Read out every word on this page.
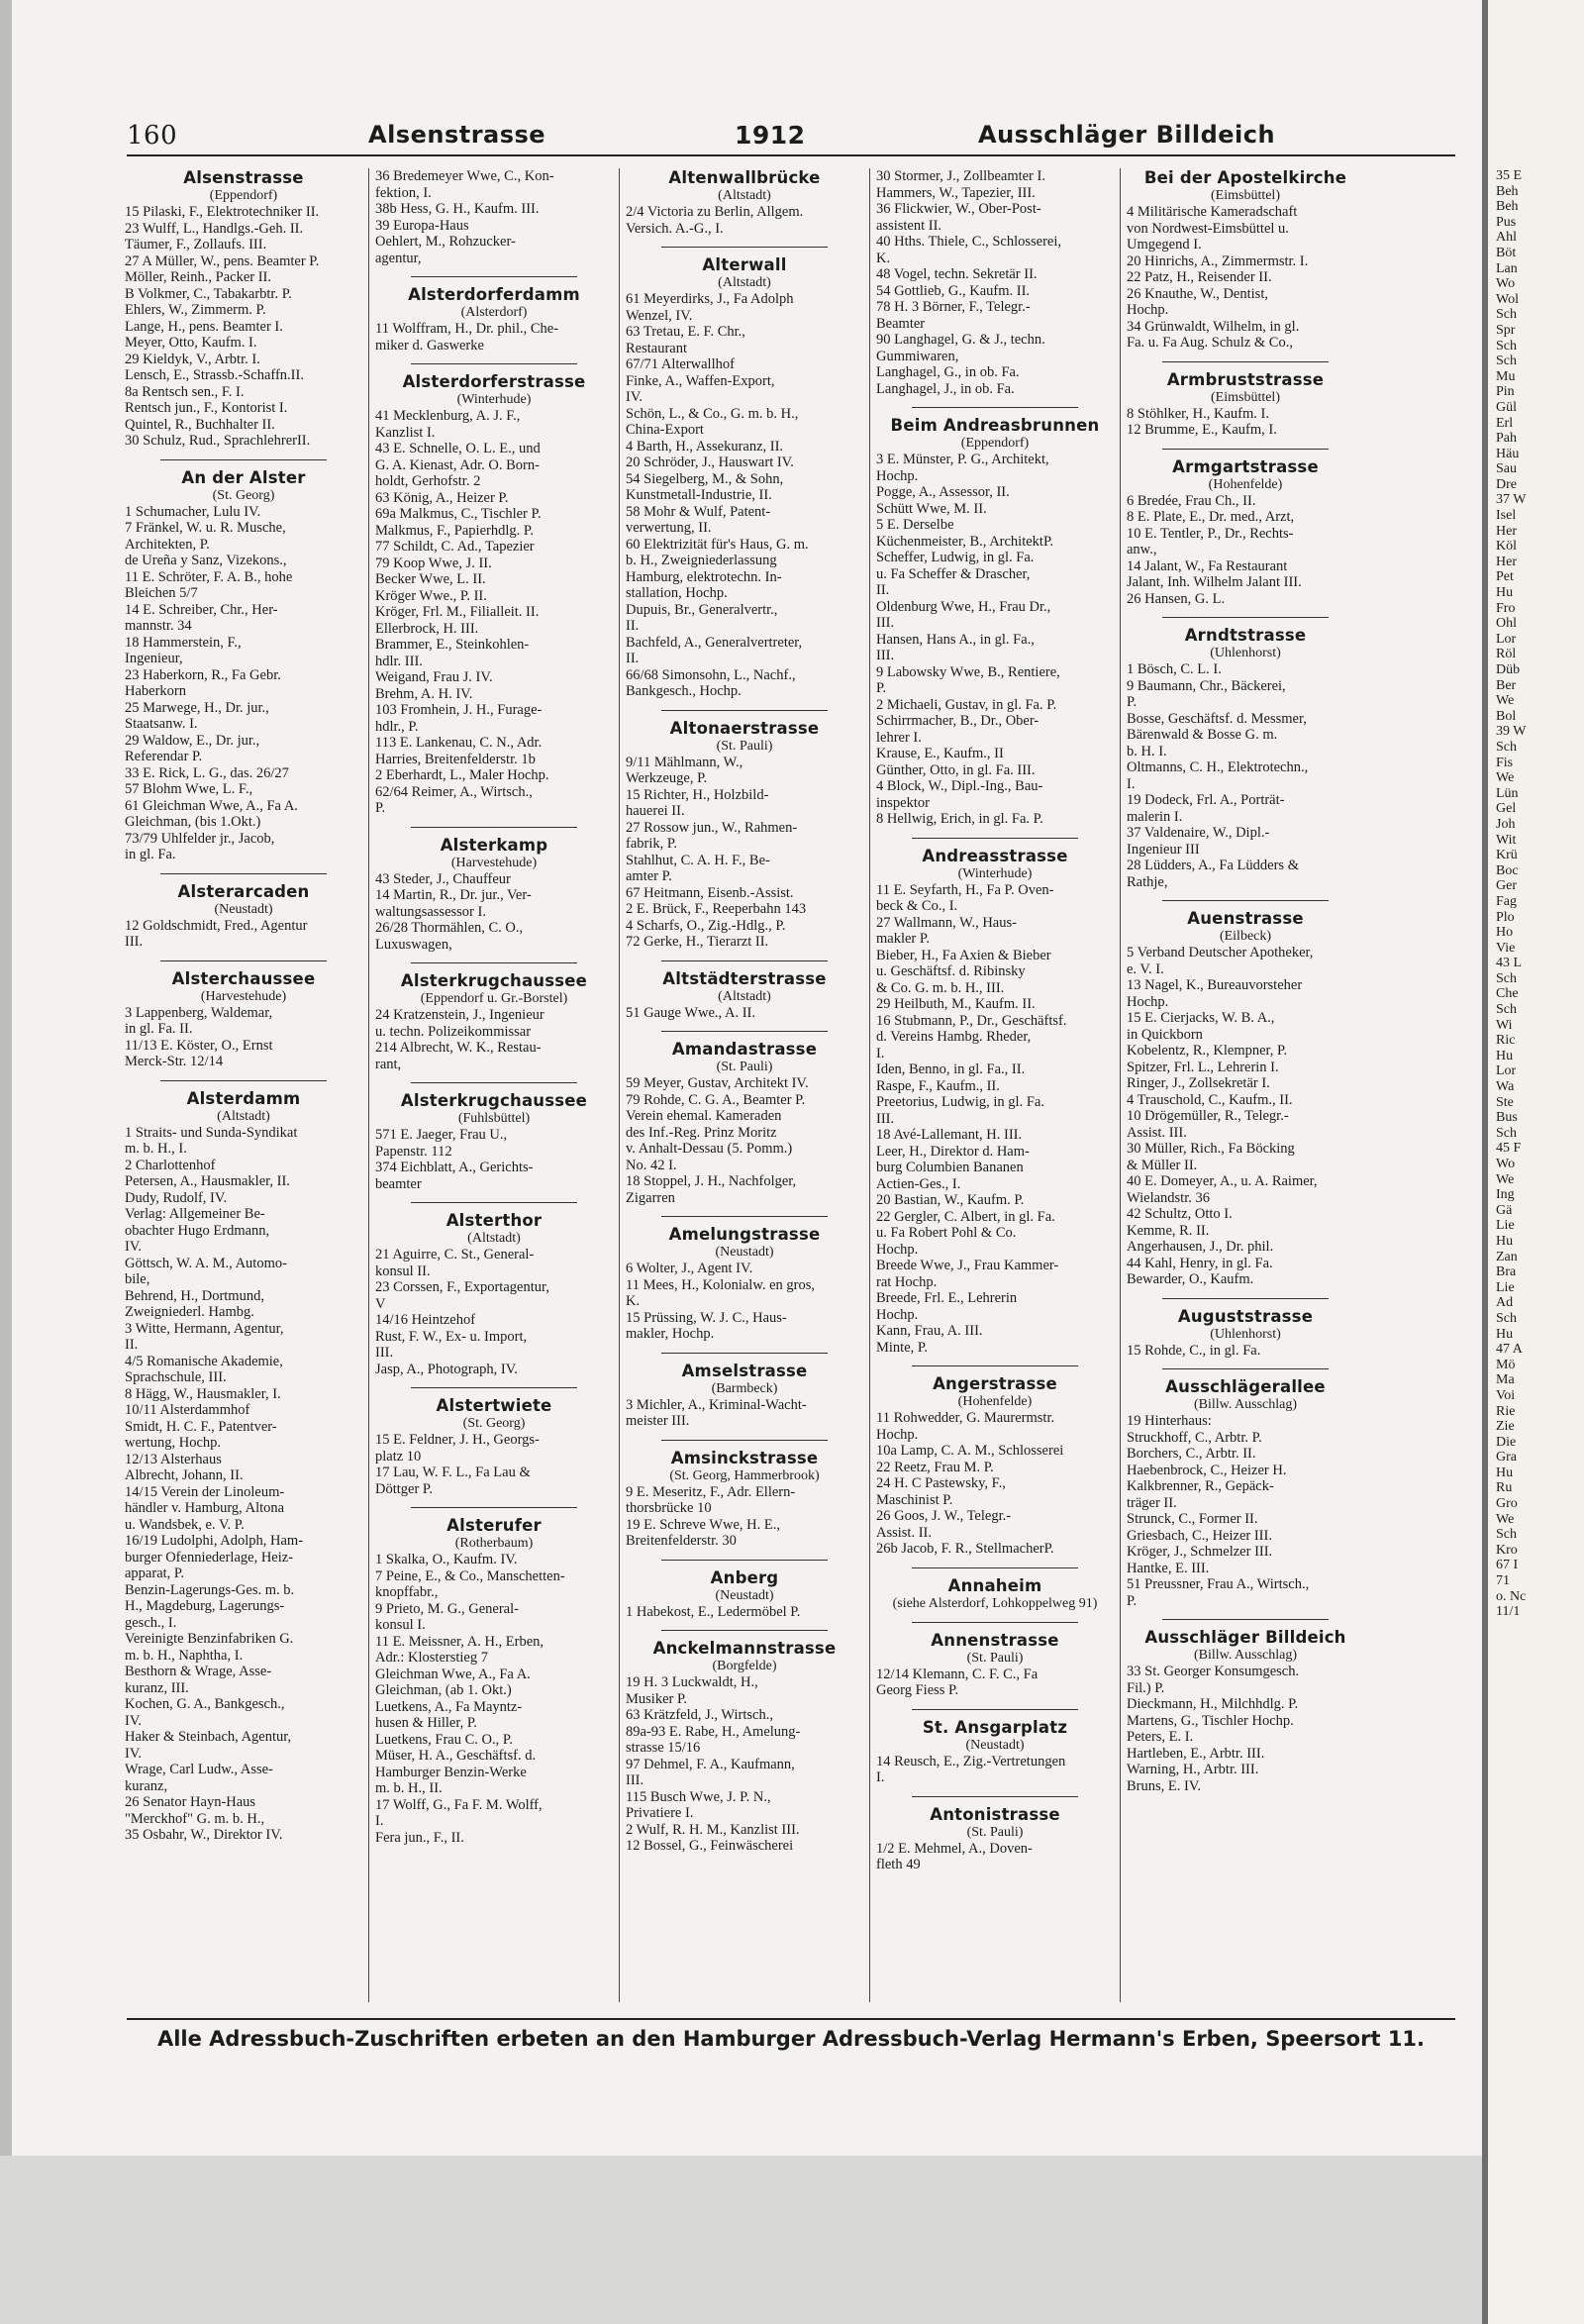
160	Alsenstrasse	1912	Ausschläger Billdeich
Alsenstrasse
(Eppendorf)
15 Pilaski, F., Elektrotechniker II.
23 Wulff, L., Handlgs.-Geh. II.
Täumer, F., Zollaufs. III.
27 A Müller, W., pens. Beamter P.
Möller, Reinh., Packer II.
B Volkmer, C., Tabakarbtr. P.
Ehlers, W., Zimmerm. P.
Lange, H., pens. Beamter I.
Meyer, Otto, Kaufm. I.
29 Kieldyk, V., Arbtr. I.
Lensch, E., Strassb.-Schaffn.II.
8a Rentsch sen., F. I.
Rentsch jun., F., Kontorist I.
Quintel, R., Buchhalter II.
30 Schulz, Rud., SprachlehrerII.
An der Alster
(St. Georg)
1 Schumacher, Lulu IV.
7 Fränkel, W. u. R. Musche,
Architekten, P.
de Ureña y Sanz, Vizekons.,
11 E. Schröter, F. A. B., hohe
Bleichen 5/7
14 E. Schreiber, Chr., Her-
mannstr. 34
18 Hammerstein, F.,
Ingenieur,
23 Haberkorn, R., Fa Gebr.
Haberkorn
25 Marwege, H., Dr. jur.,
Staatsanw. I.
29 Waldow, E., Dr. jur.,
Referendar P.
33 E. Rick, L. G., das. 26/27
57 Blohm Wwe, L. F.,
61 Gleichman Wwe, A., Fa A.
Gleichman, (bis 1.Okt.)
73/79 Uhlfelder jr., Jacob,
in gl. Fa.
Alsterarcaden
(Neustadt)
12 Goldschmidt, Fred., Agentur
III.
Alsterchaussee
(Harvestehude)
3 Lappenberg, Waldemar,
in gl. Fa. II.
11/13 E. Köster, O., Ernst
Merck-Str. 12/14
Alsterdamm
(Altstadt)
1 Straits- und Sunda-Syndikat
m. b. H., I.
2 Charlottenhof
Petersen, A., Hausmakler, II.
Dudy, Rudolf, IV.
Verlag: Allgemeiner Be-
obachter Hugo Erdmann,
IV.
Göttsch, W. A. M., Automo-
bile,
Behrend, H., Dortmund,
Zweigniederl. Hambg.
3 Witte, Hermann, Agentur,
II.
4/5 Romanische Akademie,
Sprachschule, III.
8 Hägg, W., Hausmakler, I.
10/11 Alsterdammhof
Smidt, H. C. F., Patentver-
wertung, Hochp.
12/13 Alsterhaus
Albrecht, Johann, II.
14/15 Verein der Linoleum-
händler v. Hamburg, Altona
u. Wandsbek, e. V. P.
16/19 Ludolphi, Adolph, Ham-
burger Ofenniederlage, Heiz-
apparat, P.
Benzin-Lagerungs-Ges. m. b.
H., Magdeburg, Lagerungs-
gesch., I.
Vereinigte Benzinfabriken G.
m. b. H., Naphtha, I.
Besthorn & Wrage, Asse-
kuranz, III.
Kochen, G. A., Bankgesch.,
IV.
Haker & Steinbach, Agentur,
IV.
Wrage, Carl Ludw., Asse-
kuranz,
26 Senator Hayn-Haus
"Merckhof" G. m. b. H.,
35 Osbahr, W., Direktor IV.
36 Bredemeyer Wwe, C., Kon-
fektion, I.
38b Hess, G. H., Kaufm. III.
39 Europa-Haus
Oehlert, M., Rohzucker-
agentur,
Alsterdorferdamm
(Alsterdorf)
11 Wolffram, H., Dr. phil., Che-
miker d. Gaswerke
Alsterdorferstrasse
(Winterhude)
41 Mecklenburg, A. J. F.,
Kanzlist I.
43 E. Schnelle, O. L. E., und
G. A. Kienast, Adr. O. Born-
holdt, Gerhofstr. 2
63 König, A., Heizer P.
69a Malkmus, C., Tischler P.
Malkmus, F., Papierhdlg. P.
77 Schildt, C. Ad., Tapezier
79 Koop Wwe, J. II.
Becker Wwe, L. II.
Kröger Wwe., P. II.
Kröger, Frl. M., Filialleit. II.
Ellerbrock, H. III.
Brammer, E., Steinkohlen-
hdlr. III.
Weigand, Frau J. IV.
Brehm, A. H. IV.
103 Fromhein, J. H., Furage-
hdlr., P.
113 E. Lankenau, C. N., Adr.
Harries, Breitenfelderstr. 1b
2 Eberhardt, L., Maler Hochp.
62/64 Reimer, A., Wirtsch.,
P.
Alsterkamp
(Harvestehude)
43 Steder, J., Chauffeur
14 Martin, R., Dr. jur., Ver-
waltungsassessor I.
26/28 Thormählen, C. O.,
Luxuswagen,
Alsterkrugchaussee
(Eppendorf u. Gr.-Borstel)
24 Kratzenstein, J., Ingenieur
u. techn. Polizeikommissar
214 Albrecht, W. K., Restau-
rant,
Alsterkrugchaussee
(Fuhlsbüttel)
571 E. Jaeger, Frau U.,
Papenstr. 112
374 Eichblatt, A., Gerichts-
beamter
Alsterthor
(Altstadt)
21 Aguirre, C. St., General-
konsul II.
23 Corssen, F., Exportagentur,
V
14/16 Heintzehof
Rust, F. W., Ex- u. Import,
III.
Jasp, A., Photograph, IV.
Alstertwiete
(St. Georg)
15 E. Feldner, J. H., Georgs-
platz 10
17 Lau, W. F. L., Fa Lau &
Döttger P.
Alsterufer
(Rotherbaum)
1 Skalka, O., Kaufm. IV.
7 Peine, E., & Co., Manschetten-
knopffabr.,
9 Prieto, M. G., General-
konsul I.
11 E. Meissner, A. H., Erben,
Adr.: Klosterstieg 7
Gleichman Wwe, A., Fa A.
Gleichman, (ab 1. Okt.)
Luetkens, A., Fa Mayntz-
husen & Hiller, P.
Luetkens, Frau C. O., P.
Müser, H. A., Geschäftsf. d.
Hamburger Benzin-Werke
m. b. H., II.
17 Wolff, G., Fa F. M. Wolff,
I.
Fera jun., F., II.
Altenwallbrücke
(Altstadt)
2/4 Victoria zu Berlin, Allgem.
Versich. A.-G., I.
Alterwall
(Altstadt)
61 Meyerdirks, J., Fa Adolph
Wenzel, IV.
63 Tretau, E. F. Chr.,
Restaurant
67/71 Alterwallhof
Finke, A., Waffen-Export,
IV.
Schön, L., & Co., G. m. b. H.,
China-Export
4 Barth, H., Assekuranz, II.
20 Schröder, J., Hauswart IV.
54 Siegelberg, M., & Sohn,
Kunstmetall-Industrie, II.
58 Mohr & Wulf, Patent-
verwertung, II.
60 Elektrizität für's Haus, G. m.
b. H., Zweigniederlassung
Hamburg, elektrotechn. In-
stallation, Hochp.
Dupuis, Br., Generalvertr.,
II.
Bachfeld, A., Generalvertreter,
II.
66/68 Simonsohn, L., Nachf.,
Bankgesch., Hochp.
Altonaerstrasse
(St. Pauli)
9/11 Mählmann, W.,
Werkzeuge, P.
15 Richter, H., Holzbild-
hauerei II.
27 Rossow jun., W., Rahmen-
fabrik, P.
Stahlhut, C. A. H. F., Be-
amter P.
67 Heitmann, Eisenb.-Assist.
2 E. Brück, F., Reeperbahn 143
4 Scharfs, O., Zig.-Hdlg., P.
72 Gerke, H., Tierarzt II.
Altstädterstrasse
(Altstadt)
51 Gauge Wwe., A. II.
Amandastrasse
(St. Pauli)
59 Meyer, Gustav, Architekt IV.
79 Rohde, C. G. A., Beamter P.
Verein ehemal. Kameraden
des Inf.-Reg. Prinz Moritz
v. Anhalt-Dessau (5. Pomm.)
No. 42 I.
18 Stoppel, J. H., Nachfolger,
Zigarren
Amelungstrasse
(Neustadt)
6 Wolter, J., Agent IV.
11 Mees, H., Kolonialw. en gros,
K.
15 Prüssing, W. J. C., Haus-
makler, Hochp.
Amselstrasse
(Barmbeck)
3 Michler, A., Kriminal-Wacht-
meister III.
Amsinckstrasse
(St. Georg, Hammerbrook)
9 E. Meseritz, F., Adr. Ellern-
thorsbrücke 10
19 E. Schreve Wwe, H. E.,
Breitenfelderstr. 30
Anberg
(Neustadt)
1 Habekost, E., Ledermöbel P.
Anckelmannstrasse
(Borgfelde)
19 H. 3 Luckwaldt, H.,
Musiker P.
63 Krätzfeld, J., Wirtsch.,
89a-93 E. Rabe, H., Amelung-
strasse 15/16
97 Dehmel, F. A., Kaufmann,
III.
115 Busch Wwe, J. P. N.,
Privatiere I.
2 Wulf, R. H. M., Kanzlist III.
12 Bossel, G., Feinwäscherei
30 Stormer, J., Zollbeamter I.
Hammers, W., Tapezier, III.
36 Flickwier, W., Ober-Post-
assistent II.
40 Hths. Thiele, C., Schlosserei,
K.
48 Vogel, techn. Sekretär II.
54 Gottlieb, G., Kaufm. II.
78 H. 3 Börner, F., Telegr.-
Beamter
90 Langhagel, G. & J., techn.
Gummiwaren,
Langhagel, G., in ob. Fa.
Langhagel, J., in ob. Fa.
Beim Andreasbrunnen
(Eppendorf)
3 E. Münster, P. G., Architekt,
Hochp.
Pogge, A., Assessor, II.
Schütt Wwe, M. II.
5 E. Derselbe
Küchenmeister, B., ArchitektP.
Scheffer, Ludwig, in gl. Fa.
u. Fa Scheffer & Drascher,
II.
Oldenburg Wwe, H., Frau Dr.,
III.
Hansen, Hans A., in gl. Fa.,
III.
9 Labowsky Wwe, B., Rentiere,
P.
2 Michaeli, Gustav, in gl. Fa. P.
Schirrmacher, B., Dr., Ober-
lehrer I.
Krause, E., Kaufm., II
Günther, Otto, in gl. Fa. III.
4 Block, W., Dipl.-Ing., Bau-
inspektor
8 Hellwig, Erich, in gl. Fa. P.
Andreasstrasse
(Winterhude)
11 E. Seyfarth, H., Fa P. Oven-
beck & Co., I.
27 Wallmann, W., Haus-
makler P.
Bieber, H., Fa Axien & Bieber
u. Geschäftsf. d. Ribinsky
& Co. G. m. b. H., III.
29 Heilbuth, M., Kaufm. II.
16 Stubmann, P., Dr., Geschäftsf.
d. Vereins Hambg. Rheder,
I.
Iden, Benno, in gl. Fa., II.
Raspe, F., Kaufm., II.
Preetorius, Ludwig, in gl. Fa.
III.
18 Avé-Lallemant, H. III.
Leer, H., Direktor d. Ham-
burg Columbien Bananen
Actien-Ges., I.
20 Bastian, W., Kaufm. P.
22 Gergler, C. Albert, in gl. Fa.
u. Fa Robert Pohl & Co.
Hochp.
Breede Wwe, J., Frau Kammer-
rat Hochp.
Breede, Frl. E., Lehrerin
Hochp.
Kann, Frau, A. III.
Minte, P.
Angerstrasse
(Hohenfelde)
11 Rohwedder, G. Maurermstr.
Hochp.
10a Lamp, C. A. M., Schlosserei
22 Reetz, Frau M. P.
24 H. C Pastewsky, F.,
Maschinist P.
26 Goos, J. W., Telegr.-
Assist. II.
26b Jacob, F. R., StellmacherP.
Annaheim
(siehe Alsterdorf, Lohkoppelweg 91)
Annenstrasse
(St. Pauli)
12/14 Klemann, C. F. C., Fa
Georg Fiess P.
St. Ansgarplatz
(Neustadt)
14 Reusch, E., Zig.-Vertretungen
I.
Antonistrasse
(St. Pauli)
1/2 E. Mehmel, A., Doven-
fleth 49
Bei der Apostelkirche
(Eimsbüttel)
4 Militärische Kameradschaft
von Nordwest-Eimsbüttel u.
Umgegend I.
20 Hinrichs, A., Zimmermstr. I.
22 Patz, H., Reisender II.
26 Knauthe, W., Dentist,
Hochp.
34 Grünwaldt, Wilhelm, in gl.
Fa. u. Fa Aug. Schulz & Co.,
Armbruststrasse
(Eimsbüttel)
8 Stöhlker, H., Kaufm. I.
12 Brumme, E., Kaufm, I.
Armgartstrasse
(Hohenfelde)
6 Bredée, Frau Ch., II.
8 E. Plate, E., Dr. med., Arzt,
10 E. Tentler, P., Dr., Rechts-
anw.,
14 Jalant, W., Fa Restaurant
Jalant, Inh. Wilhelm Jalant III.
26 Hansen, G. L.
Arndtstrasse
(Uhlenhorst)
1 Bösch, C. L. I.
9 Baumann, Chr., Bäckerei,
P.
Bosse, Geschäftsf. d. Messmer,
Bärenwald & Bosse G. m.
b. H. I.
Oltmanns, C. H., Elektrotechn.,
I.
19 Dodeck, Frl. A., Porträt-
malerin I.
37 Valdenaire, W., Dipl.-
Ingenieur III
28 Lüdders, A., Fa Lüdders &
Rathje,
Auenstrasse
(Eilbeck)
5 Verband Deutscher Apotheker,
e. V. I.
13 Nagel, K., Bureauvorsteher
Hochp.
15 E. Cierjacks, W. B. A.,
in Quickborn
Kobelentz, R., Klempner, P.
Spitzer, Frl. L., Lehrerin I.
Ringer, J., Zollsekretär I.
4 Trauschold, C., Kaufm., II.
10 Drögemüller, R., Telegr.-
Assist. III.
30 Müller, Rich., Fa Böcking
& Müller II.
40 E. Domeyer, A., u. A. Raimer,
Wielandstr. 36
42 Schultz, Otto I.
Kemme, R. II.
Angerhausen, J., Dr. phil.
44 Kahl, Henry, in gl. Fa.
Bewarder, O., Kaufm.
Auguststrasse
(Uhlenhorst)
15 Rohde, C., in gl. Fa.
Ausschlägerallee
(Billw. Ausschlag)
19 Hinterhaus:
Struckhoff, C., Arbtr. P.
Borchers, C., Arbtr. II.
Haebenbrock, C., Heizer H.
Kalkbrenner, R., Gepäck-
träger II.
Strunck, C., Former II.
Griesbach, C., Heizer III.
Kröger, J., Schmelzer III.
Hantke, E. III.
51 Preussner, Frau A., Wirtsch.,
P.
Ausschläger Billdeich
(Billw. Ausschlag)
33 St. Georger Konsumgesch.
Fil.) P.
Dieckmann, H., Milchhdlg. P.
Martens, G., Tischler Hochp.
Peters, E. I.
Hartleben, E., Arbtr. III.
Warning, H., Arbtr. III.
Bruns, E. IV.
35 E
Beh
Beh
Pus
Ahl
Böt
Lan
Wo
Wol
Sch
Spr
Sch
Sch
Mu
Pin
Gül
Erl
Pah
Häu
Sau
Dre
37 W
Isel
Her
Köl
Her
Pet
Hu
Fro
Ohl
Lor
Röl
Düb
Ber
We
Bol
39 W
Sch
Fis
We
Lün
Gel
Joh
Wit
Krü
Boc
Ger
Fag
Plo
Ho
Vie
43 L
Sch
Che
Sch
Wi
Ric
Hu
Lor
Wa
Ste
Bus
Sch
45 F
Wo
We
Ing
Gä
Lie
Hu
Zan
Bra
Lie
Ad
Sch
Hu
47 A
Mö
Ma
Voi
Rie
Zie
Die
Gra
Hu
Ru
Gro
We
Sch
Kro
67 I
71
o. Nc
11/1
Alle Adressbuch-Zuschriften erbeten an den Hamburger Adressbuch-Verlag Hermann's Erben, Speersort 11.
